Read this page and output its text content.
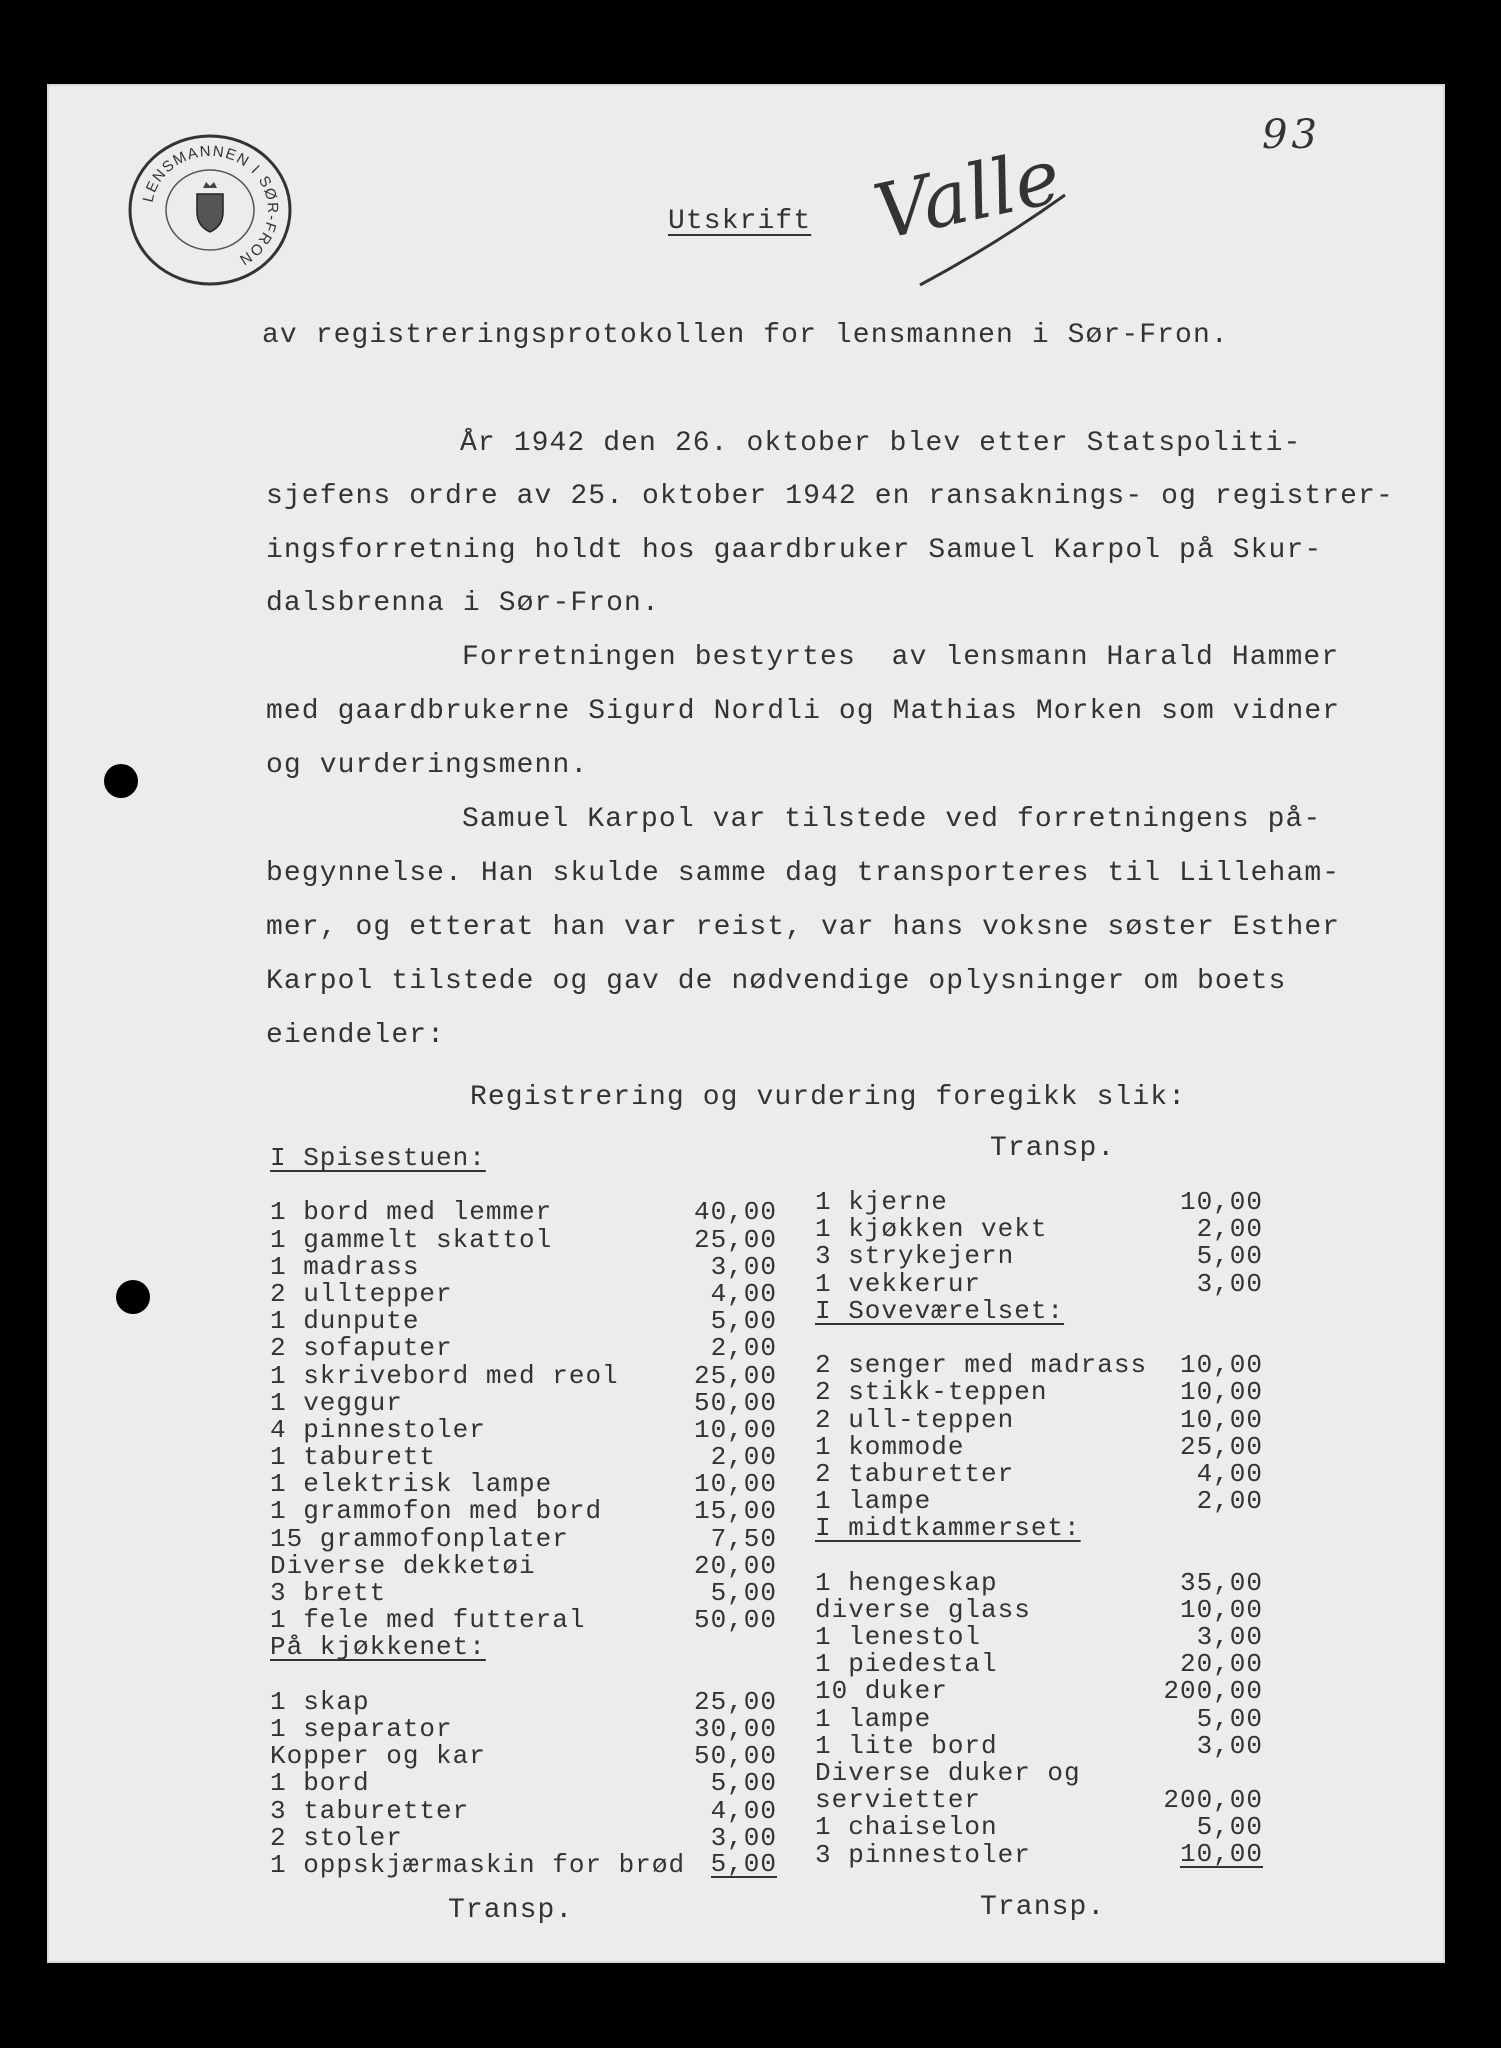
93
LENSMANNEN I SØR-FRON
Valle
Utskrift
av registreringsprotokollen for lensmannen i Sør-Fron.
År 1942 den 26. oktober blev etter Statspoliti-
sjefens ordre av 25. oktober 1942 en ransaknings- og registrer-
ingsforretning holdt hos gaardbruker Samuel Karpol på Skur-
dalsbrenna i Sør-Fron.
Forretningen bestyrtes  av lensmann Harald Hammer
med gaardbrukerne Sigurd Nordli og Mathias Morken som vidner
og vurderingsmenn.
Samuel Karpol var tilstede ved forretningens på-
begynnelse. Han skulde samme dag transporteres til Lilleham-
mer, og etterat han var reist, var hans voksne søster Esther
Karpol tilstede og gav de nødvendige oplysninger om boets
eiendeler:
Registrering og vurdering foregikk slik:
Transp.
Transp.	Transp.
I Spisestuen:
1 bord med lemmer	40,00
1 gammelt skattol	25,00
1 madrass	3,00
2 ulltepper	4,00
1 dunpute	5,00
2 sofaputer	2,00
1 skrivebord med reol	25,00
1 veggur	50,00
4 pinnestoler	10,00
1 taburett	2,00
1 elektrisk lampe	10,00
1 grammofon med bord	15,00
15 grammofonplater	7,50
Diverse dekketøi	20,00
3 brett	5,00
1 fele med futteral	50,00
På kjøkkenet:
1 skap	25,00
1 separator	30,00
Kopper og kar	50,00
1 bord	5,00
3 taburetter	4,00
2 stoler	3,00
1 oppskjærmaskin for brød 5,00
1 kjerne	10,00
1 kjøkken vekt	2,00
3 strykejern	5,00
1 vekkerur	3,00
I Soveværelset:
2 senger med madrass 10,00
2 stikk-teppen	10,00
2 ull-teppen	10,00
1 kommode	25,00
2 taburetter	4,00
1 lampe	2,00
I midtkammerset:
1 hengeskap	35,00
diverse glass	10,00
1 lenestol	3,00
1 piedestal	20,00
10 duker	200,00
1 lampe	5,00
1 lite bord	3,00
Diverse duker og
servietter	200,00
1 chaiselon	5,00
3 pinnestoler	10,00
